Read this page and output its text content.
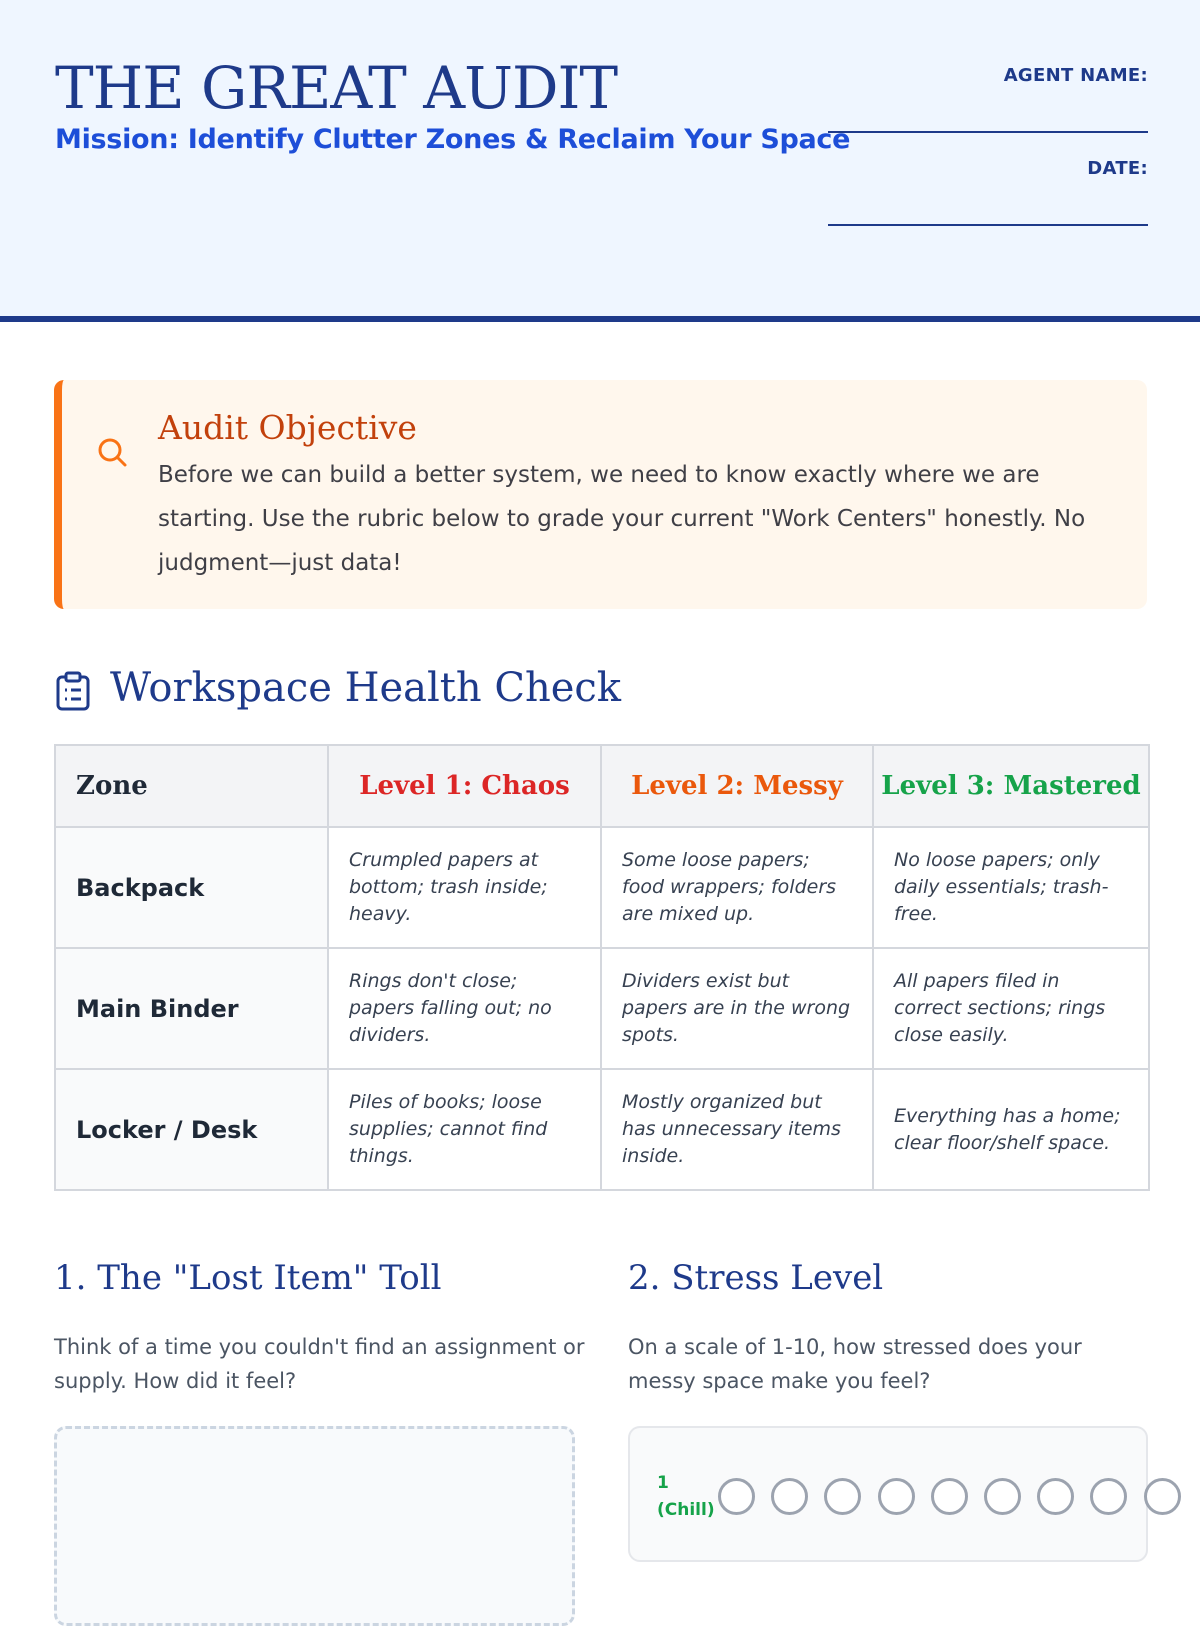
THE GREAT AUDIT

Mission: Identify Clutter Zones & Reclaim Your Space

AGENT NAME:
DATE:
Audit Objective

Before we can build a better system, we need to know exactly where we are starting. Use the rubric below to grade your current "Work Centers" honestly. No judgment—just data!

Workspace Health Check
Zone	Level 1: Chaos	Level 2: Messy	Level 3: Mastered
Backpack	Crumpled papers at bottom; trash inside; heavy.	Some loose papers; food wrappers; folders are mixed up.	No loose papers; only daily essentials; trash-free.
Main Binder	Rings don't close; papers falling out; no dividers.	Dividers exist but papers are in the wrong spots.	All papers filed in correct sections; rings close easily.
Locker / Desk	Piles of books; loose supplies; cannot find things.	Mostly organized but has unnecessary items inside.	Everything has a home; clear floor/shelf space.
1. The "Lost Item" Toll

Think of a time you couldn't find an assignment or supply. How did it feel?

2. Stress Level

On a scale of 1-10, how stressed does your messy space make you feel?

1 (Chill)
